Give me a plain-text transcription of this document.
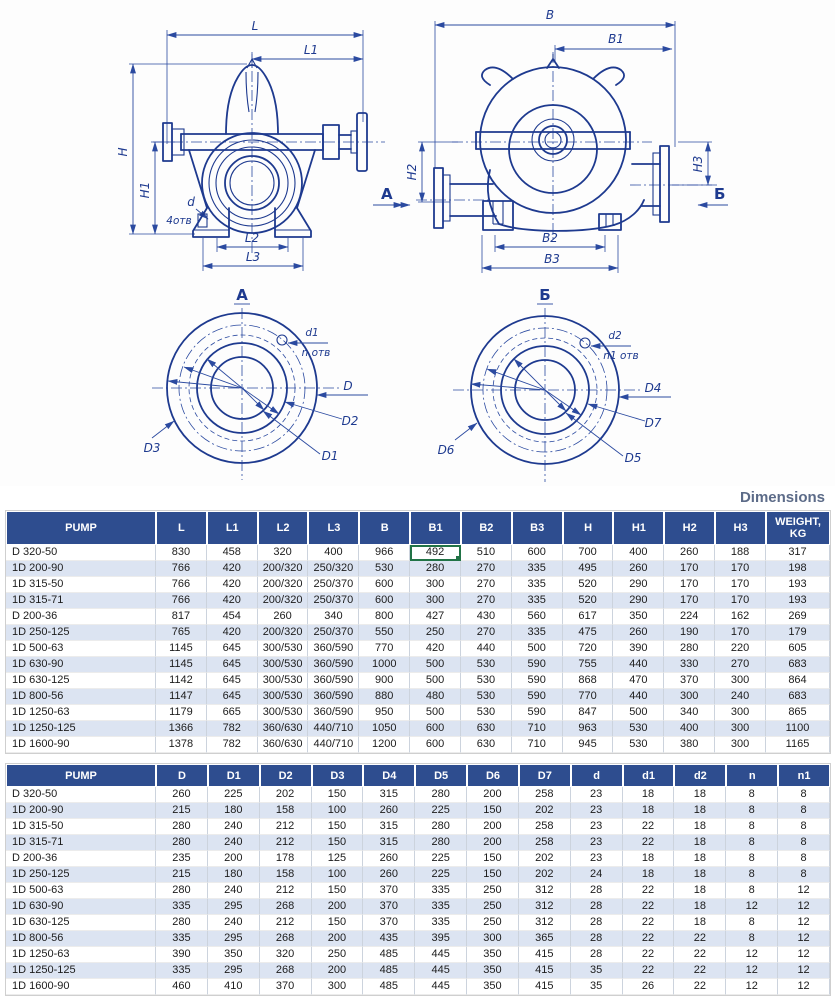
L
L1
H
H1
d
4отв
L2
L3
А
B
B1
H2	H3
B2
B3
Б
А
d1
n отв
D
D2
D1
D3
Б
d2
n1 отв
D4
D7
D5
D6
Dimensions
PUMP	L	L1	L2	L3	B	B1	B2	B3	H	H1	H2	H3	WEIGHT, KG
D 320-50	830	458	320	400	966	492	510	600	700	400	260	188	317
1D 200-90	766	420	200/320	250/320	530	280	270	335	495	260	170	170	198
1D 315-50	766	420	200/320	250/370	600	300	270	335	520	290	170	170	193
1D 315-71	766	420	200/320	250/370	600	300	270	335	520	290	170	170	193
D 200-36	817	454	260	340	800	427	430	560	617	350	224	162	269
1D 250-125	765	420	200/320	250/370	550	250	270	335	475	260	190	170	179
1D 500-63	1145	645	300/530	360/590	770	420	440	500	720	390	280	220	605
1D 630-90	1145	645	300/530	360/590	1000	500	530	590	755	440	330	270	683
1D 630-125	1142	645	300/530	360/590	900	500	530	590	868	470	370	300	864
1D 800-56	1147	645	300/530	360/590	880	480	530	590	770	440	300	240	683
1D 1250-63	1179	665	300/530	360/590	950	500	530	590	847	500	340	300	865
1D 1250-125	1366	782	360/630	440/710	1050	600	630	710	963	530	400	300	1100
1D 1600-90	1378	782	360/630	440/710	1200	600	630	710	945	530	380	300	1165
PUMP	D	D1	D2	D3	D4	D5	D6	D7	d	d1	d2	n	n1
D 320-50	260	225	202	150	315	280	200	258	23	18	18	8	8
1D 200-90	215	180	158	100	260	225	150	202	23	18	18	8	8
1D 315-50	280	240	212	150	315	280	200	258	23	22	18	8	8
1D 315-71	280	240	212	150	315	280	200	258	23	22	18	8	8
D 200-36	235	200	178	125	260	225	150	202	23	18	18	8	8
1D 250-125	215	180	158	100	260	225	150	202	24	18	18	8	8
1D 500-63	280	240	212	150	370	335	250	312	28	22	18	8	12
1D 630-90	335	295	268	200	370	335	250	312	28	22	18	12	12
1D 630-125	280	240	212	150	370	335	250	312	28	22	18	8	12
1D 800-56	335	295	268	200	435	395	300	365	28	22	22	8	12
1D 1250-63	390	350	320	250	485	445	350	415	28	22	22	12	12
1D 1250-125	335	295	268	200	485	445	350	415	35	22	22	12	12
1D 1600-90	460	410	370	300	485	445	350	415	35	26	22	12	12
